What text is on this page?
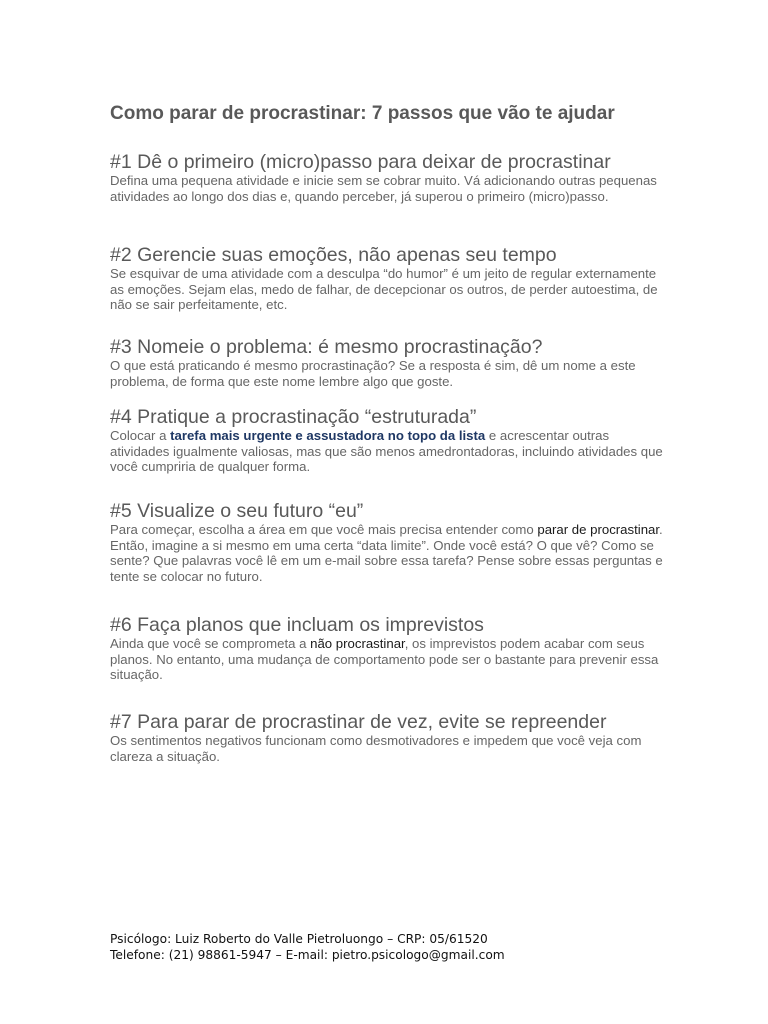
Como parar de procrastinar: 7 passos que vão te ajudar
#1 Dê o primeiro (micro)passo para deixar de procrastinar

Defina uma pequena atividade e inicie sem se cobrar muito. Vá adicionando outras pequenas atividades ao longo dos dias e, quando perceber, já superou o primeiro (micro)passo.

#2 Gerencie suas emoções, não apenas seu tempo

Se esquivar de uma atividade com a desculpa “do humor” é um jeito de regular externamente as emoções. Sejam elas, medo de falhar, de decepcionar os outros, de perder autoestima, de não se sair perfeitamente, etc.

#3 Nomeie o problema: é mesmo procrastinação?

O que está praticando é mesmo procrastinação? Se a resposta é sim, dê um nome a este problema, de forma que este nome lembre algo que goste.

#4 Pratique a procrastinação “estruturada”

Colocar a tarefa mais urgente e assustadora no topo da lista e acrescentar outras atividades igualmente valiosas, mas que são menos amedrontadoras, incluindo atividades que você cumpriria de qualquer forma.

#5 Visualize o seu futuro “eu”

Para começar, escolha a área em que você mais precisa entender como parar de procrastinar. Então, imagine a si mesmo em uma certa “data limite”. Onde você está? O que vê? Como se sente? Que palavras você lê em um e-mail sobre essa tarefa? Pense sobre essas perguntas e tente se colocar no futuro.

#6 Faça planos que incluam os imprevistos

Ainda que você se comprometa a não procrastinar, os imprevistos podem acabar com seus planos. No entanto, uma mudança de comportamento pode ser o bastante para prevenir essa situação.

#7 Para parar de procrastinar de vez, evite se repreender

Os sentimentos negativos funcionam como desmotivadores e impedem que você veja com clareza a situação.

Psicólogo: Luiz Roberto do Valle Pietroluongo – CRP: 05/61520
Telefone: (21) 98861-5947 – E-mail: pietro.psicologo@gmail.com
